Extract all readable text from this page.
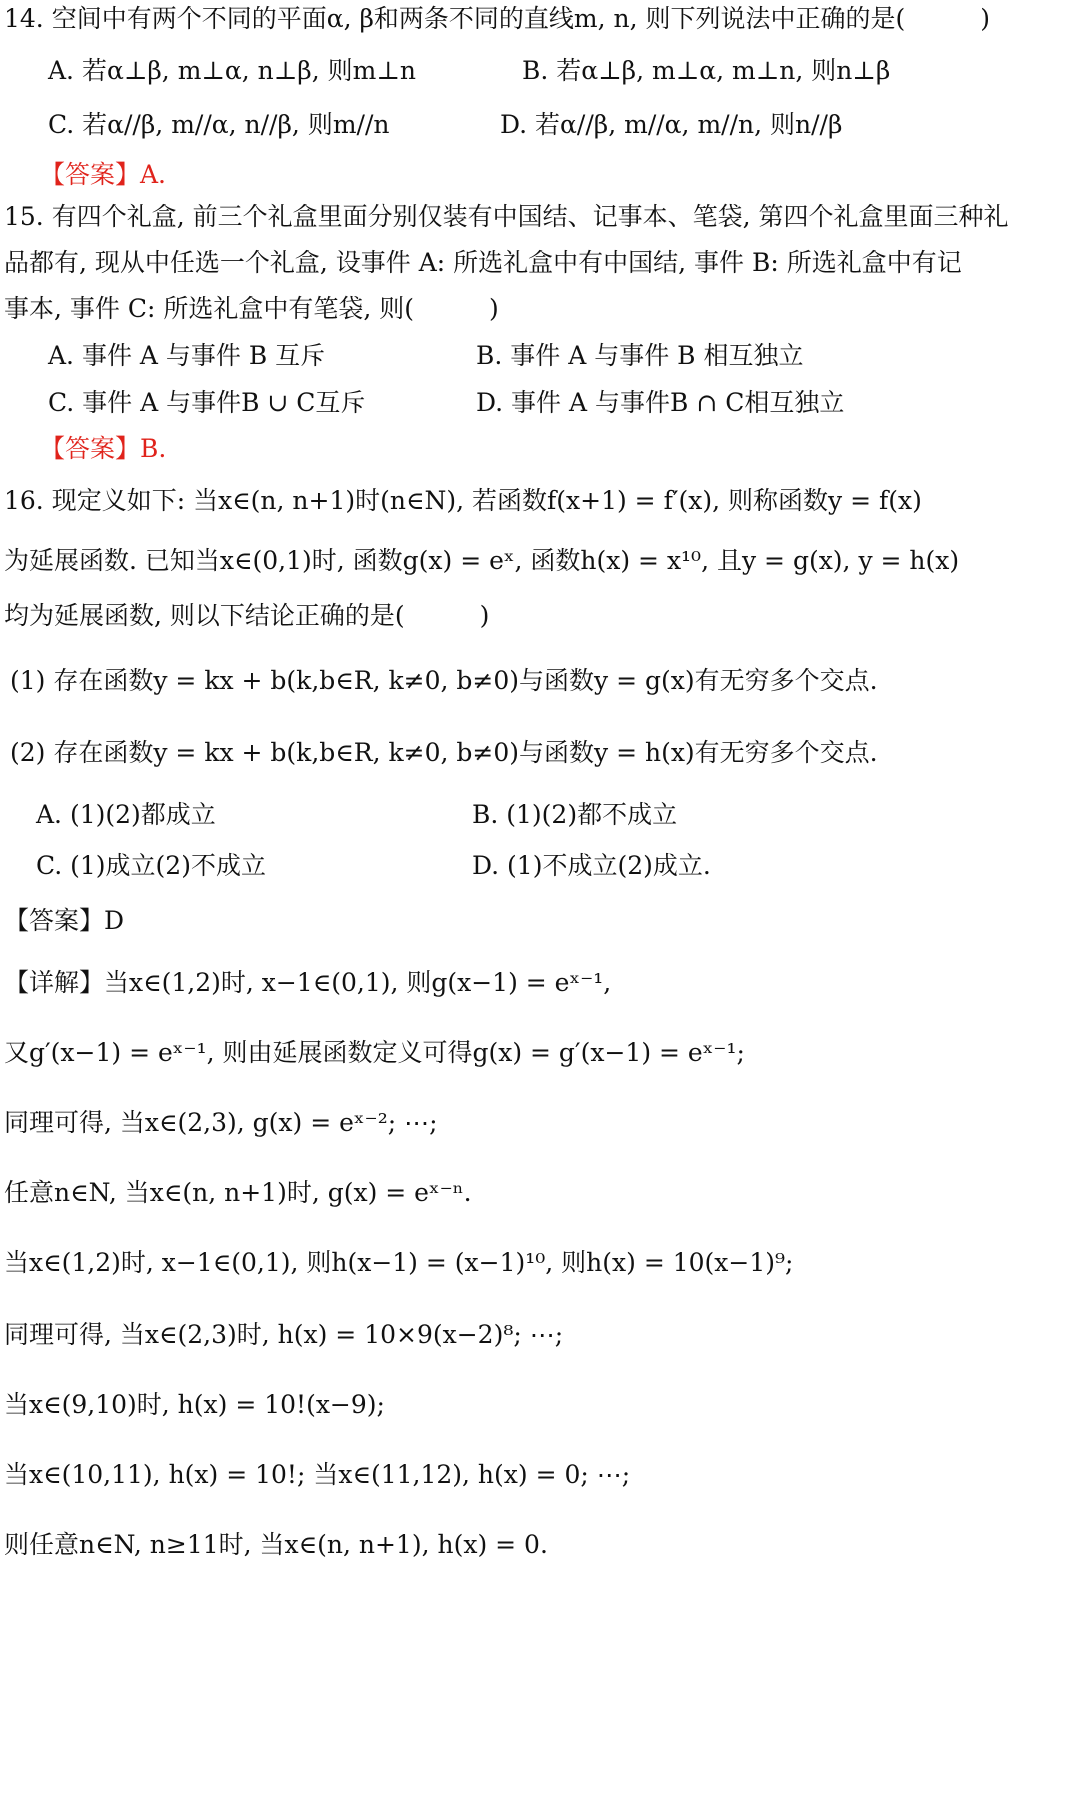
14. 空间中有两个不同的平面α, β和两条不同的直线m, n, 则下列说法中正确的是(　　　)
A. 若α⊥β, m⊥α, n⊥β, 则m⊥n	B. 若α⊥β, m⊥α, m⊥n, 则n⊥β
C. 若α//β, m//α, n//β, 则m//n	D. 若α//β, m//α, m//n, 则n//β
【答案】A.
15. 有四个礼盒, 前三个礼盒里面分别仅装有中国结、记事本、笔袋, 第四个礼盒里面三种礼
品都有, 现从中任选一个礼盒, 设事件 A: 所选礼盒中有中国结, 事件 B: 所选礼盒中有记
事本, 事件 C: 所选礼盒中有笔袋, 则(　　　)
A. 事件 A 与事件 B 互斥	B. 事件 A 与事件 B 相互独立
C. 事件 A 与事件B ∪ C互斥	D. 事件 A 与事件B ∩ C相互独立
【答案】B.
16. 现定义如下: 当x∈(n, n+1)时(n∈N), 若函数f(x+1) = f′(x), 则称函数y = f(x)
为延展函数. 已知当x∈(0,1)时, 函数g(x) = eˣ, 函数h(x) = x¹⁰, 且y = g(x), y = h(x)
均为延展函数, 则以下结论正确的是(　　　)
(1) 存在函数y = kx + b(k,b∈R, k≠0, b≠0)与函数y = g(x)有无穷多个交点.
(2) 存在函数y = kx + b(k,b∈R, k≠0, b≠0)与函数y = h(x)有无穷多个交点.
A. (1)(2)都成立	B. (1)(2)都不成立
C. (1)成立(2)不成立	D. (1)不成立(2)成立.
【答案】D
【详解】当x∈(1,2)时, x−1∈(0,1), 则g(x−1) = eˣ⁻¹,
又g′(x−1) = eˣ⁻¹, 则由延展函数定义可得g(x) = g′(x−1) = eˣ⁻¹;
同理可得, 当x∈(2,3), g(x) = eˣ⁻²; ⋯;
任意n∈N, 当x∈(n, n+1)时, g(x) = eˣ⁻ⁿ.
当x∈(1,2)时, x−1∈(0,1), 则h(x−1) = (x−1)¹⁰, 则h(x) = 10(x−1)⁹;
同理可得, 当x∈(2,3)时, h(x) = 10×9(x−2)⁸; ⋯;
当x∈(9,10)时, h(x) = 10!(x−9);
当x∈(10,11), h(x) = 10!; 当x∈(11,12), h(x) = 0; ⋯;
则任意n∈N, n≥11时, 当x∈(n, n+1), h(x) = 0.
